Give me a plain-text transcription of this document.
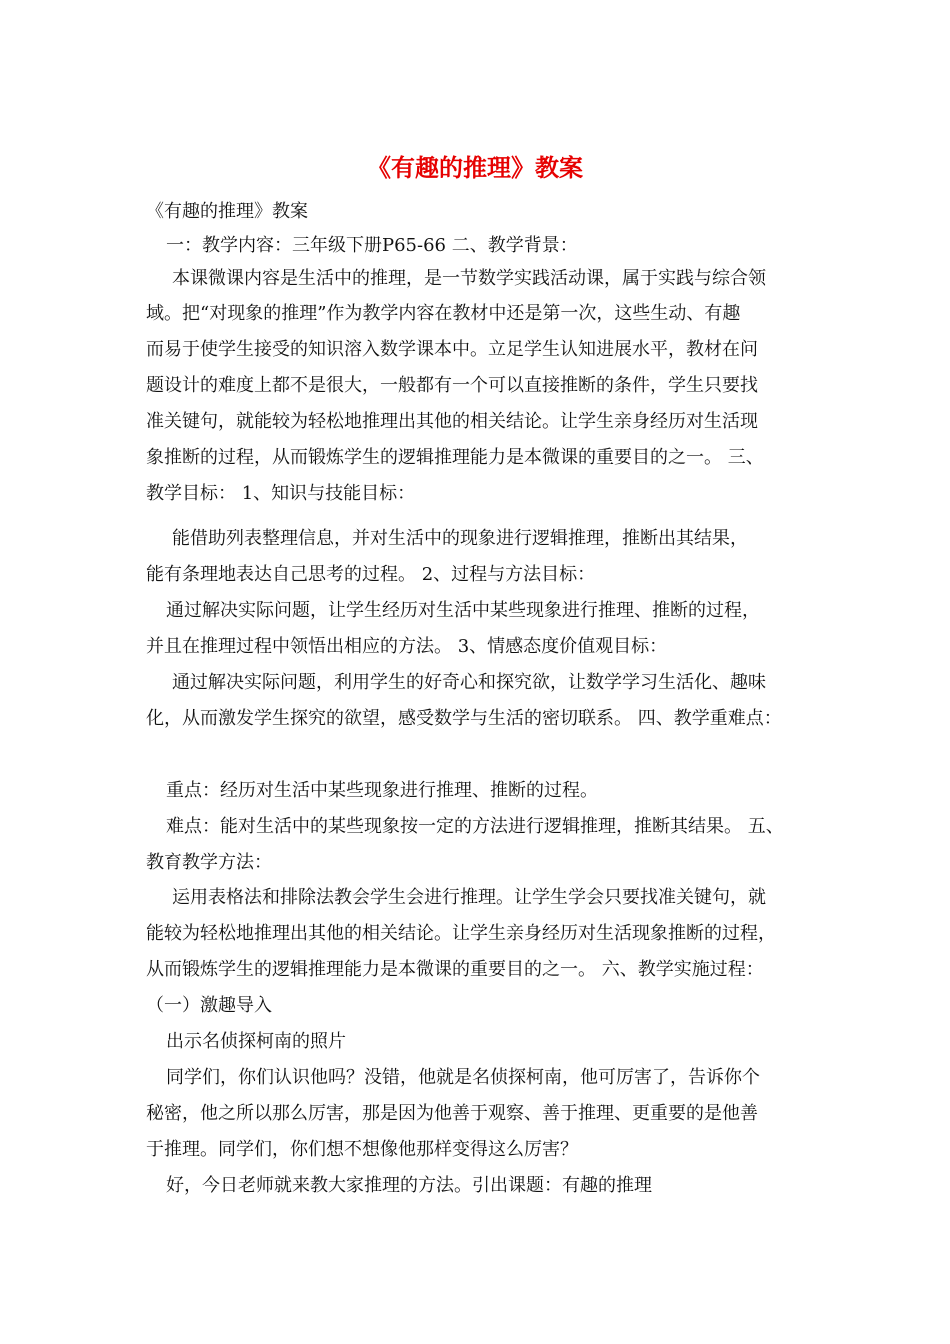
《有趣的推理》教案

《有趣的推理》教案

一：教学内容：三年级下册P65-66 二、教学背景：

本课微课内容是生活中的推理，是一节数学实践活动课，属于实践与综合领

域。把“对现象的推理”作为教学内容在教材中还是第一次，这些生动、有趣

而易于使学生接受的知识溶入数学课本中。立足学生认知进展水平，教材在问

题设计的难度上都不是很大，一般都有一个可以直接推断的条件，学生只要找

准关键句，就能较为轻松地推理出其他的相关结论。让学生亲身经历对生活现

象推断的过程，从而锻炼学生的逻辑推理能力是本微课的重要目的之一。 三、

教学目标： 1、知识与技能目标：

能借助列表整理信息，并对生活中的现象进行逻辑推理，推断出其结果，

能有条理地表达自己思考的过程。 2、过程与方法目标：

通过解决实际问题，让学生经历对生活中某些现象进行推理、推断的过程，

并且在推理过程中领悟出相应的方法。 3、情感态度价值观目标：

通过解决实际问题，利用学生的好奇心和探究欲，让数学学习生活化、趣味

化，从而激发学生探究的欲望，感受数学与生活的密切联系。 四、教学重难点：

重点：经历对生活中某些现象进行推理、推断的过程。

难点：能对生活中的某些现象按一定的方法进行逻辑推理，推断其结果。 五、

教育教学方法：

运用表格法和排除法教会学生会进行推理。让学生学会只要找准关键句，就

能较为轻松地推理出其他的相关结论。让学生亲身经历对生活现象推断的过程，

从而锻炼学生的逻辑推理能力是本微课的重要目的之一。 六、教学实施过程：

（一）激趣导入

出示名侦探柯南的照片

同学们，你们认识他吗？没错，他就是名侦探柯南，他可厉害了，告诉你个

秘密，他之所以那么厉害，那是因为他善于观察、善于推理、更重要的是他善

于推理。同学们，你们想不想像他那样变得这么厉害？

好，今日老师就来教大家推理的方法。引出课题：有趣的推理
